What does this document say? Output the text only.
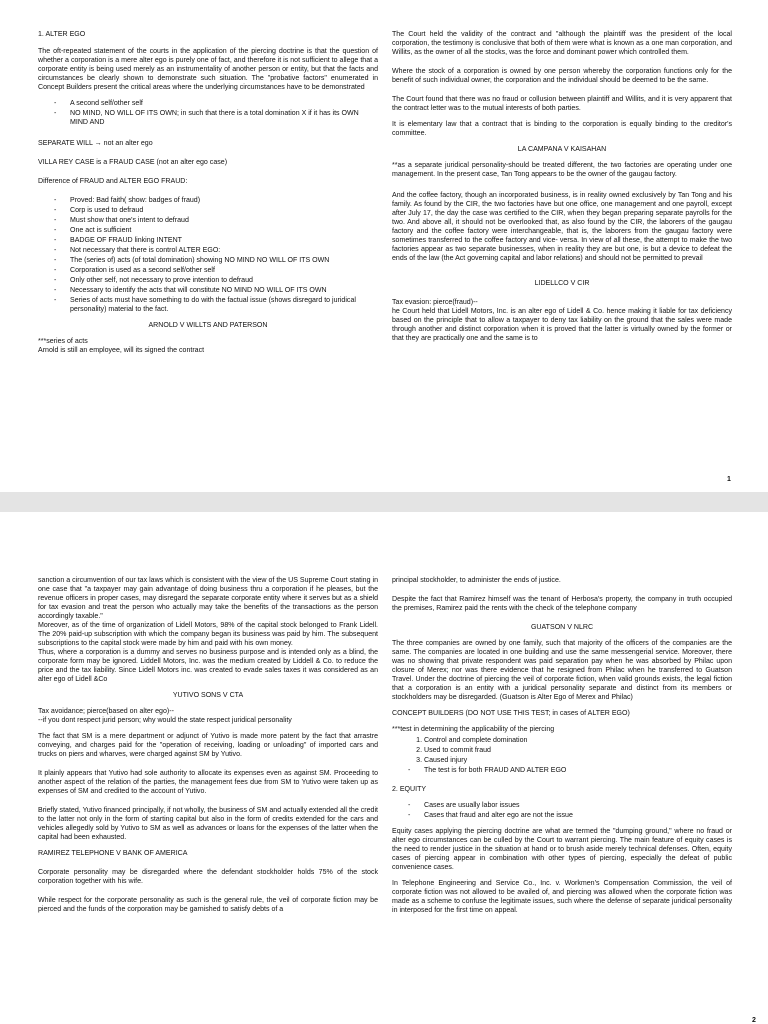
1. ALTER EGO

The oft-repeated statement of the courts in the application of the piercing doctrine is that the question of whether a corporation is a mere alter ego is purely one of fact, and therefore it is not sufficient to allege that a corporate entity is being used merely as an instrumentality of another person or entity, but that the facts and circumstances be clearly shown to demonstrate such situation. The "probative factors" enumerated in Concept Builders present the critical areas where the underlying circumstances have to be demonstrated

- A second self/other self
- NO MIND, NO WILL OF ITS OWN; in such that there is a total domination X if it has its OWN MIND AND

SEPARATE WILL → not an alter ego

VILLA REY CASE is a FRAUD CASE (not an alter ego case)

Difference of FRAUD and ALTER EGO FRAUD:

- Proved: Bad faith( show: badges of fraud)
- Corp is used to defraud
- Must show that one's intent to defraud
- One act is sufficient
- BADGE OF FRAUD linking INTENT
- Not necessary that there is control ALTER EGO:
- The (series of) acts (of total domination) showing NO MIND NO WILL OF ITS OWN
- Corporation is used as a second self/other self
- Only other self, not necessary to prove intention to defraud
- Necessary to identify the acts that will constitute NO MIND NO WILL OF ITS OWN
- Series of acts must have something to do with the factual issue (shows disregard to juridical personality) material to the fact.

ARNOLD V WILLTS AND PATERSON

***series of acts

Arnold is still an employee, will its signed the contract

The Court held the validity of the contract and "although the plaintiff was the president of the local corporation, the testimony is conclusive that both of them were what is known as a one man corporation, and Willits, as the owner of all the stocks, was the force and dominant power which controlled them.

Where the stock of a corporation is owned by one person whereby the corporation functions only for the benefit of such individual owner, the corporation and the individual should be deemed to be the same.

The Court found that there was no fraud or collusion between plaintiff and Willits, and it is very apparent that the contract letter was to the mutual interests of both parties.

It is elementary law that a contract that is binding to the corporation is equally binding to the creditor's committee.

LA CAMPANA V KAISAHAN

**as a separate juridical personality-should be treated different, the two factories are operating under one management. In the present case, Tan Tong appears to be the owner of the gaugau factory.

And the coffee factory, though an incorporated business, is in reality owned exclusively by Tan Tong and his family. As found by the CIR, the two factories have but one office, one management and one payroll, except after July 17, the day the case was certified to the CIR, when they began preparing separate payrolls for the two. And above all, it should not be overlooked that, as also found by the CIR, the laborers of the gaugau factory and the coffee factory were interchangeable, that is, the laborers from the gaugau factory were sometimes transferred to the coffee factory and vice- versa. In view of all these, the attempt to make the two factories appear as two separate businesses, when in reality they are but one, is but a device to defeat the ends of the law (the Act governing capital and labor relations) and should not be permitted to prevail

LIDELLCO V CIR

Tax evasion: pierce(fraud)--

he Court held that Lidell Motors, Inc. is an alter ego of Lidell & Co. hence making it liable for tax deficiency based on the principle that to allow a taxpayer to deny tax liability on the ground that the sales were made through another and distinct corporation when it is proved that the latter is virtually owned by the former or that they are practically one and the same is to

1

sanction a circumvention of our tax laws which is consistent with the view of the US Supreme Court stating in one case that "a taxpayer may gain advantage of doing business thru a corporation if he pleases, but the revenue officers in proper cases, may disregard the separate corporate entity where it serves but as a shield for tax evasion and treat the person who actually may take the benefits of the transactions as the person accordingly taxable."

Moreover, as of the time of organization of Lidell Motors, 98% of the capital stock belonged to Frank Lidell. The 20% paid-up subscription with which the company began its business was paid by him. The subsequent subscriptions to the capital stock were made by him and paid with his own money.

Thus, where a corporation is a dummy and serves no business purpose and is intended only as a blind, the corporate form may be ignored. Liddell Motors, Inc. was the medium created by Liddell & Co. to reduce the price and the tax liability. Since Lidell Motors inc. was created to evade sales taxes it was considered as an alter ego of Lidell &Co

YUTIVO SONS V CTA

Tax avoidance; pierce(based on alter ego)--

--if you dont respect jurid person; why would the state respect juridical personality

The fact that SM is a mere department or adjunct of Yutivo is made more patent by the fact that arrastre conveying, and charges paid for the "operation of receiving, loading or unloading" of imported cars and trucks on piers and wharves, were charged against SM by Yutivo.

It plainly appears that Yutivo had sole authority to allocate its expenses even as against SM. Proceeding to another aspect of the relation of the parties, the management fees due from SM to Yutivo were taken up as expenses of SM and credited to the account of Yutivo.

Briefly stated, Yutivo financed principally, if not wholly, the business of SM and actually extended all the credit to the latter not only in the form of starting capital but also in the form of credits extended for the cars and vehicles allegedly sold by Yutivo to SM as well as advances or loans for the expenses of the latter when the capital had been exhausted.

RAMIREZ TELEPHONE V BANK OF AMERICA

Corporate personality may be disregarded where the defendant stockholder holds 75% of the stock corporation together with his wife.

While respect for the corporate personality as such is the general rule, the veil of corporate fiction may be pierced and the funds of the corporation may be garnished to satisfy debts of a

principal stockholder, to administer the ends of justice.

Despite the fact that Ramirez himself was the tenant of Herbosa's property, the company in truth occupied the premises, Ramirez paid the rents with the check of the telephone company

GUATSON V NLRC

The three companies are owned by one family, such that majority of the officers of the companies are the same. The companies are located in one building and use the same messengerial service. Moreover, there was no showing that private respondent was paid separation pay when he was absorbed by Philac upon closure of Merex; nor was there evidence that he resigned from Philac when he transferred to Guatson Travel. Under the doctrine of piercing the veil of corporate fiction, when valid grounds exists, the legal fiction that a corporation is an entity with a juridical personality separate and distinct from its members or stockholders may be disregarded. (Guatson is Alter Ego of Merex and Philac)

CONCEPT BUILDERS (DO NOT USE THIS TEST; in cases of ALTER EGO)

***test in determining the applicability of the piercing

1. Control and complete domination
2. Used to commit fraud
3. Caused injury
- The test is for both FRAUD AND ALTER EGO

2. EQUITY

- Cases are usually labor issues
- Cases that fraud and alter ego are not the issue

Equity cases applying the piercing doctrine are what are termed the "dumping ground," where no fraud or alter ego circumstances can be culled by the Court to warrant piercing. The main feature of equity cases is the need to render justice in the situation at hand or to brush aside merely technical defenses. Often, equity cases of piercing appear in combination with other types of piercing, especially the defeat of public convenience cases.

In Telephone Engineering and Service Co., Inc. v. Workmen's Compensation Commission, the veil of corporate fiction was not allowed to be availed of, and piercing was allowed when the corporate fiction was made as a scheme to confuse the legitimate issues, such where the defense of separate juridical personality in interposed for the first time on appeal.

2
